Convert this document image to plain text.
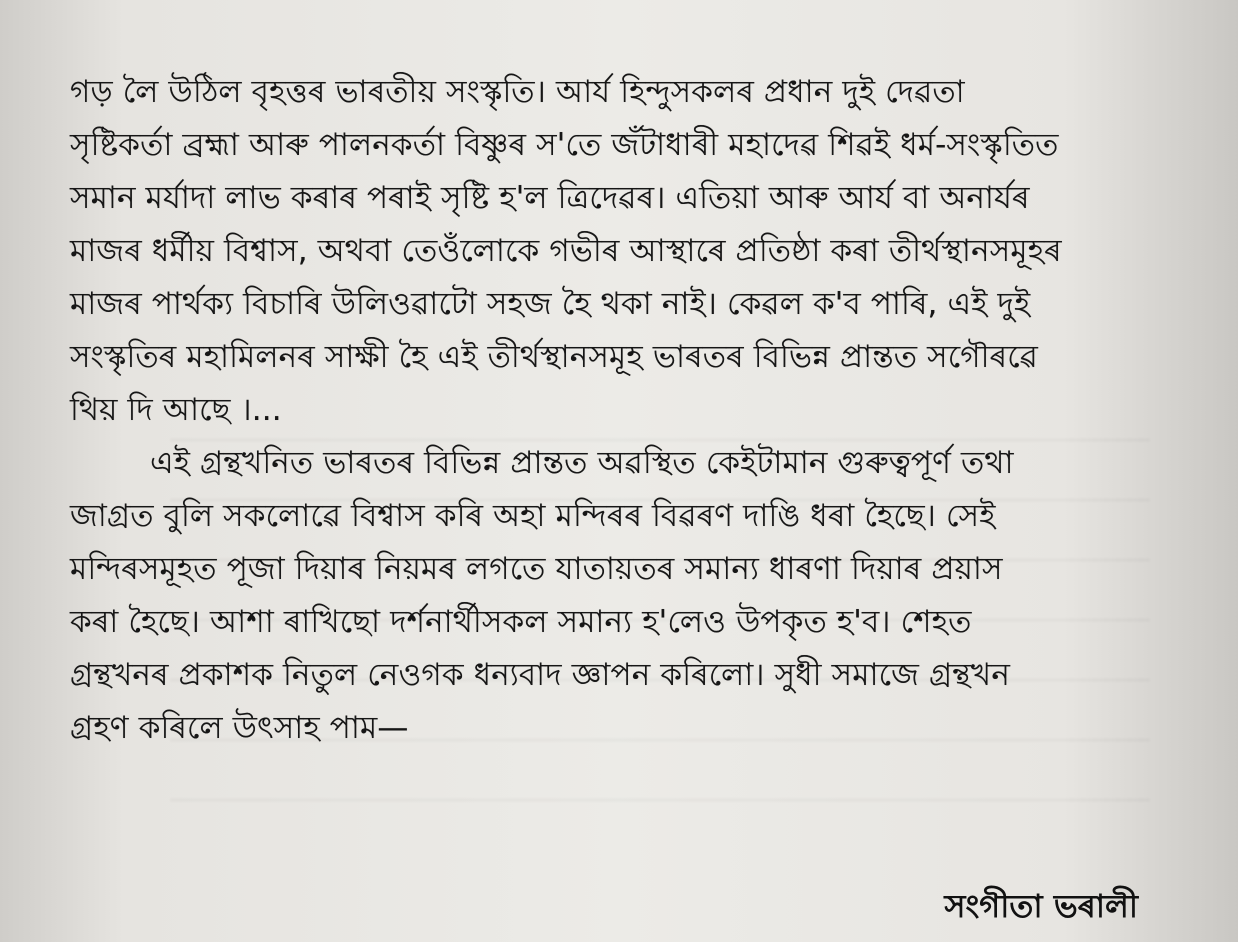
গড় লৈ উঠিল বৃহত্তৰ ভাৰতীয় সংস্কৃতি। আৰ্য হিন্দুসকলৰ প্ৰধান দুই দেৱতা
সৃষ্টিকৰ্তা ব্ৰহ্মা আৰু পালনকৰ্তা বিষ্ণুৰ স'তে জঁটাধাৰী মহাদেৱ শিৱই ধৰ্ম-সংস্কৃতিত
সমান মৰ্যাদা লাভ কৰাৰ পৰাই সৃষ্টি হ'ল ত্ৰিদেৱৰ। এতিয়া আৰু আৰ্য বা অনাৰ্যৰ
মাজৰ ধৰ্মীয় বিশ্বাস, অথবা তেওঁলোকে গভীৰ আস্থাৰে প্ৰতিষ্ঠা কৰা তীৰ্থস্থানসমূহৰ
মাজৰ পাৰ্থক্য বিচাৰি উলিওৱাটো সহজ হৈ থকা নাই। কেৱল ক'ব পাৰি, এই দুই
সংস্কৃতিৰ মহামিলনৰ সাক্ষী হৈ এই তীৰ্থস্থানসমূহ ভাৰতৰ বিভিন্ন প্ৰান্তত সগৌৰৱে
থিয় দি আছে ।...
এই গ্ৰন্থখনিত ভাৰতৰ বিভিন্ন প্ৰান্তত অৱস্থিত কেইটামান গুৰুত্বপূৰ্ণ তথা
জাগ্ৰত বুলি সকলোৱে বিশ্বাস কৰি অহা মন্দিৰৰ বিৱৰণ দাঙি ধৰা হৈছে। সেই
মন্দিৰসমূহত পূজা দিয়াৰ নিয়মৰ লগতে যাতায়তৰ সমান্য ধাৰণা দিয়াৰ প্ৰয়াস
কৰা হৈছে। আশা ৰাখিছো দৰ্শনাৰ্থীসকল সমান্য হ'লেও উপকৃত হ'ব। শেহত
গ্ৰন্থখনৰ প্ৰকাশক নিতুল নেওগক ধন্যবাদ জ্ঞাপন কৰিলো। সুধী সমাজে গ্ৰন্থখন
গ্ৰহণ কৰিলে উৎসাহ পাম—
সংগীতা ভৰালী
